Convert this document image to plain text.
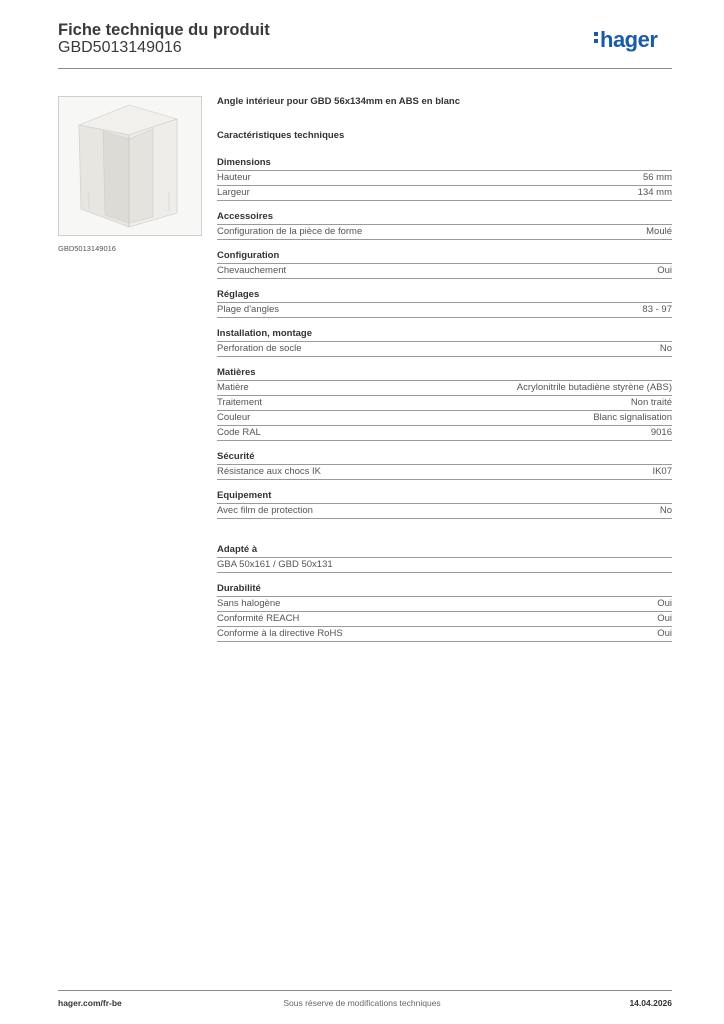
Fiche technique du produit
GBD5013149016	hager
GBD5013149016
Angle intérieur pour GBD 56x134mm en ABS en blanc
Caractéristiques techniques
Dimensions
Hauteur	56 mm
Largeur	134 mm
Accessoires
Configuration de la pièce de forme	Moulé
Configuration
Chevauchement	Oui
Réglages
Plage d'angles	83 - 97
Installation, montage
Perforation de socle	No
Matières
Matière	Acrylonitrile butadiène styrène (ABS)
Traitement	Non traité
Couleur	Blanc signalisation
Code RAL	9016
Sécurité
Résistance aux chocs IK	IK07
Equipement
Avec film de protection	No
Adapté à
GBA 50x161 / GBD 50x131
Durabilité
Sans halogène	Oui
Conformité REACH	Oui
Conforme à la directive RoHS	Oui
hager.com/fr-be	Sous réserve de modifications techniques	14.04.2026
